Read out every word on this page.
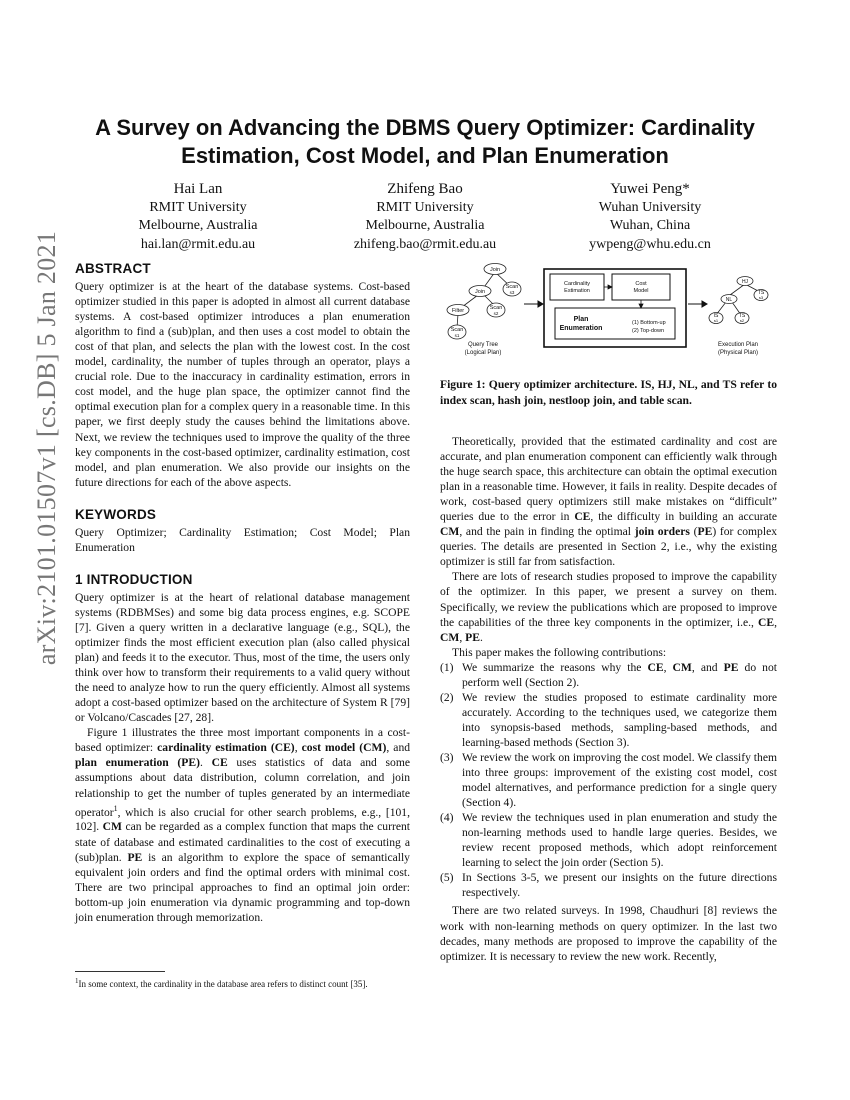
arXiv:2101.01507v1 [cs.DB] 5 Jan 2021
A Survey on Advancing the DBMS Query Optimizer: Cardinality
Estimation, Cost Model, and Plan Enumeration
Hai Lan
RMIT University
Melbourne, Australia
hai.lan@rmit.edu.au
Zhifeng Bao
RMIT University
Melbourne, Australia
zhifeng.bao@rmit.edu.au
Yuwei Peng*
Wuhan University
Wuhan, China
ywpeng@whu.edu.cn
ABSTRACT

Query optimizer is at the heart of the database systems. Cost-based optimizer studied in this paper is adopted in almost all current database systems. A cost-based optimizer introduces a plan enumeration algorithm to find a (sub)plan, and then uses a cost model to obtain the cost of that plan, and selects the plan with the lowest cost. In the cost model, cardinality, the number of tuples through an operator, plays a crucial role. Due to the inaccuracy in cardinality estimation, errors in cost model, and the huge plan space, the optimizer cannot find the optimal execution plan for a complex query in a reasonable time. In this paper, we first deeply study the causes behind the limitations above. Next, we review the techniques used to improve the quality of the three key components in the cost-based optimizer, cardinality estimation, cost model, and plan enumeration. We also provide our insights on the future directions for each of the above aspects.

KEYWORDS

Query Optimizer; Cardinality Estimation; Cost Model; Plan Enumeration

1 INTRODUCTION

Query optimizer is at the heart of relational database management systems (RDBMSes) and some big data process engines, e.g. SCOPE [7]. Given a query written in a declarative language (e.g., SQL), the optimizer finds the most efficient execution plan (also called physical plan) and feeds it to the executor. Thus, most of the time, the users only think over how to transform their requirements to a valid query without the need to analyze how to run the query efficiently. Almost all systems adopt a cost-based optimizer based on the architecture of System R [79] or Volcano/Cascades [27, 28].

Figure 1 illustrates the three most important components in a cost-based optimizer: cardinality estimation (CE), cost model (CM), and plan enumeration (PE). CE uses statistics of data and some assumptions about data distribution, column correlation, and join relationship to get the number of tuples generated by an intermediate operator$^1$, which is also crucial for other search problems, e.g., [101, 102]. CM can be regarded as a complex function that maps the current state of database and estimated cardinalities to the cost of executing a (sub)plan. PE is an algorithm to explore the space of semantically equivalent join orders and find the optimal orders with minimal cost. There are two principal approaches to find an optimal join order: bottom-up join enumeration via dynamic programming and top-down join enumeration through memorization.

$^1$In some context, the cardinality in the database area refers to distinct count [35].
Join
Join
Scan
s3
Filter	Scan
s2
Scan
s1
Query Tree
(Logical Plan)
Cardinality
Estimation
Cost
Model
Plan
Enumeration
(1) Bottom-up
(2) Top-down
HJ
NL
TS
s3
IS
s1
TS
s2
Execution Plan
(Physical Plan)
Figure 1: Query optimizer architecture. IS, HJ, NL, and TS refer to index scan, hash join, nestloop join, and table scan.

Theoretically, provided that the estimated cardinality and cost are accurate, and plan enumeration component can efficiently walk through the huge search space, this architecture can obtain the optimal execution plan in a reasonable time. However, it fails in reality. Despite decades of work, cost-based query optimizers still make mistakes on “difficult” queries due to the error in CE, the difficulty in building an accurate CM, and the pain in finding the optimal join orders (PE) for complex queries. The details are presented in Section 2, i.e., why the existing optimizer is still far from satisfaction.

There are lots of research studies proposed to improve the capability of the optimizer. In this paper, we present a survey on them. Specifically, we review the publications which are proposed to improve the capabilities of the three key components in the optimizer, i.e., CE, CM, PE.

This paper makes the following contributions:

(1) We summarize the reasons why the CE, CM, and PE do not perform well (Section 2).
(2) We review the studies proposed to estimate cardinality more accurately. According to the techniques used, we categorize them into synopsis-based methods, sampling-based methods, and learning-based methods (Section 3).
(3) We review the work on improving the cost model. We classify them into three groups: improvement of the existing cost model, cost model alternatives, and performance prediction for a single query (Section 4).
(4) We review the techniques used in plan enumeration and study the non-learning methods used to handle large queries. Besides, we review recent proposed methods, which adopt reinforcement learning to select the join order (Section 5).
(5) In Sections 3-5, we present our insights on the future directions respectively.

There are two related surveys. In 1998, Chaudhuri [8] reviews the work with non-learning methods on query optimizer. In the last two decades, many methods are proposed to improve the capability of the optimizer. It is necessary to review the new work. Recently,
